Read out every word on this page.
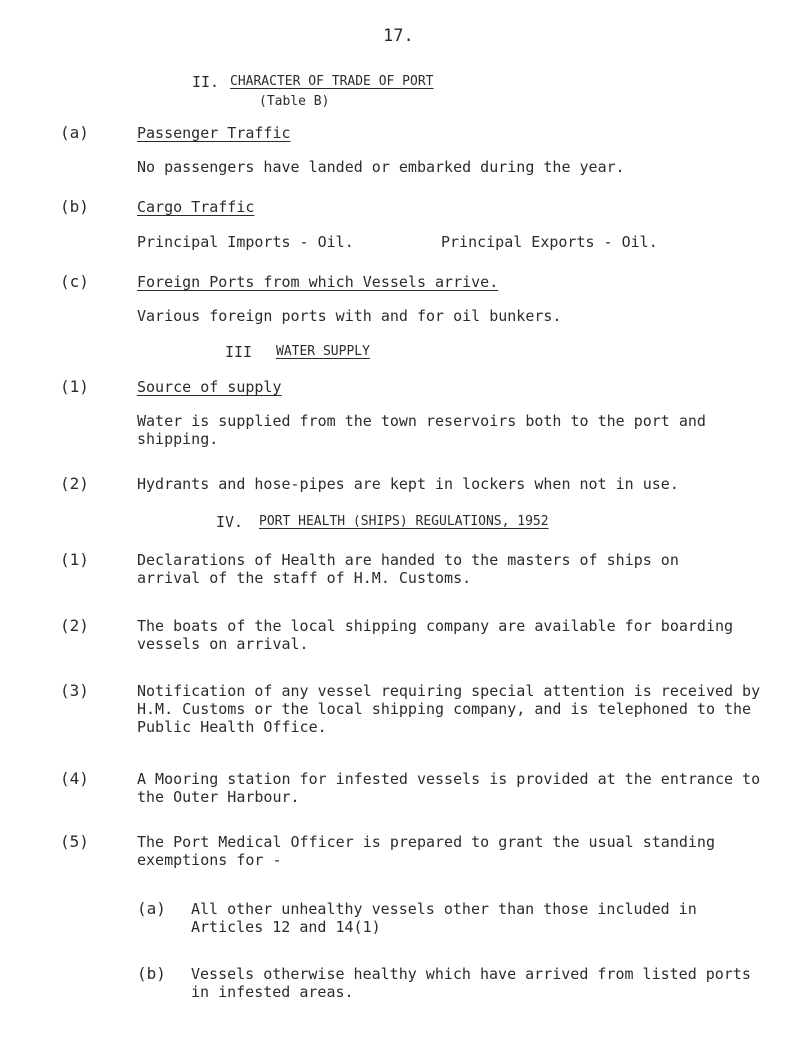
17.
II. CHARACTER OF TRADE OF PORT
(Table B)
(a)	Passenger Traffic
No passengers have landed or embarked during the year.
(b)	Cargo Traffic
Principal Imports - Oil.	Principal Exports - Oil.
(c)	Foreign Ports from which Vessels arrive.
Various foreign ports with and for oil bunkers.
III WATER SUPPLY
(1)	Source of supply
Water is supplied from the town reservoirs both to the port and shipping.
(2)	Hydrants and hose-pipes are kept in lockers when not in use.
IV. PORT HEALTH (SHIPS) REGULATIONS, 1952
(1)	Declarations of Health are handed to the masters of ships on arrival of the staff of H.M. Customs.
(2)	The boats of the local shipping company are available for boarding vessels on arrival.
(3)	Notification of any vessel requiring special attention is received by H.M. Customs or the local shipping company, and is telephoned to the Public Health Office.
(4)	A Mooring station for infested vessels is provided at the entrance to the Outer Harbour.
(5)	The Port Medical Officer is prepared to grant the usual standing exemptions for -
(a) All other unhealthy vessels other than those included in Articles 12 and 14(1)
(b) Vessels otherwise healthy which have arrived from listed ports in infested areas.
